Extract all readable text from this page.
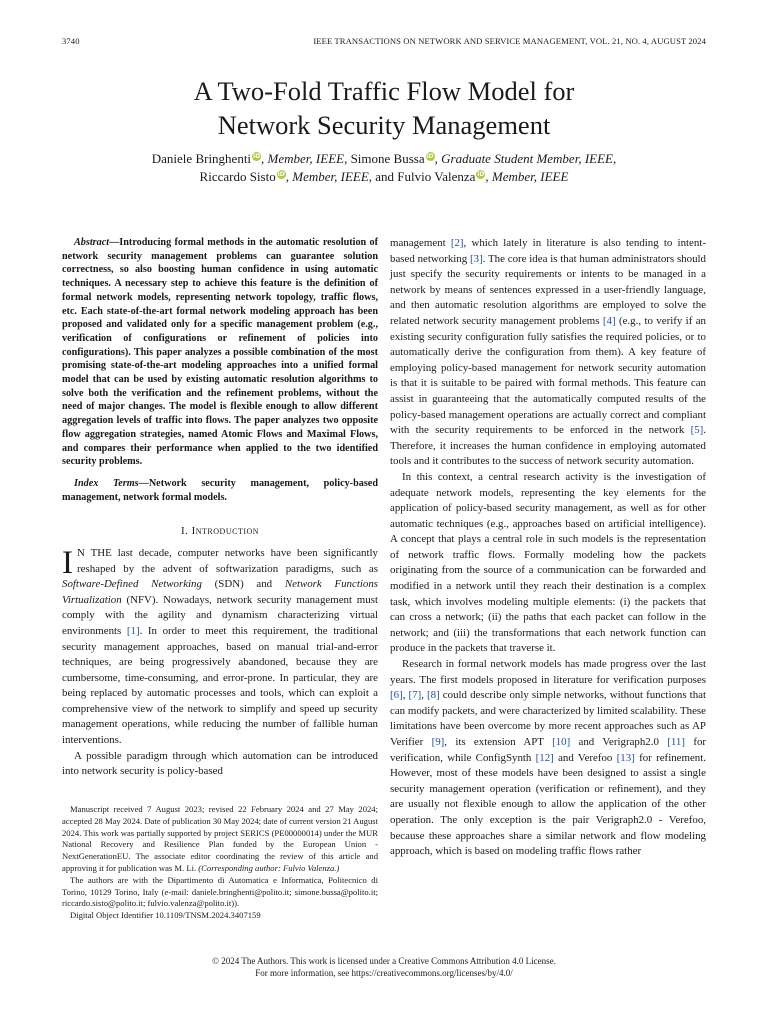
3740	IEEE TRANSACTIONS ON NETWORK AND SERVICE MANAGEMENT, VOL. 21, NO. 4, AUGUST 2024
A Two-Fold Traffic Flow Model for
Network Security Management
Daniele Bringhenti iD, Member, IEEE, Simone Bussa iD, Graduate Student Member, IEEE,
Riccardo Sisto iD, Member, IEEE, and Fulvio Valenza iD, Member, IEEE

Abstract—Introducing formal methods in the automatic resolution of network security management problems can guarantee solution correctness, so also boosting human confidence in using automatic techniques. A necessary step to achieve this feature is the definition of formal network models, representing network topology, traffic flows, etc. Each state-of-the-art formal network modeling approach has been proposed and validated only for a specific management problem (e.g., verification of configurations or refinement of policies into configurations). This paper analyzes a possible combination of the most promising state-of-the-art modeling approaches into a unified formal model that can be used by existing automatic resolution algorithms to solve both the verification and the refinement problems, without the need of major changes. The model is flexible enough to allow different aggregation levels of traffic into flows. The paper analyzes two opposite flow aggregation strategies, named Atomic Flows and Maximal Flows, and compares their performance when applied to the two identified security problems.

Index Terms—Network security management, policy-based management, network formal models.

I. Introduction

I N THE last decade, computer networks have been significantly reshaped by the advent of softwarization paradigms, such as Software-Defined Networking (SDN) and Network Functions Virtualization (NFV). Nowadays, network security management must comply with the agility and dynamism characterizing virtual environments [1]. In order to meet this requirement, the traditional security management approaches, based on manual trial-and-error techniques, are being progressively abandoned, because they are cumbersome, time-consuming, and error-prone. In particular, they are being replaced by automatic processes and tools, which can exploit a comprehensive view of the network to simplify and speed up security management operations, while reducing the number of fallible human interventions.

A possible paradigm through which automation can be introduced into network security is policy-based

Manuscript received 7 August 2023; revised 22 February 2024 and 27 May 2024; accepted 28 May 2024. Date of publication 30 May 2024; date of current version 21 August 2024. This work was partially supported by project SERICS (PE00000014) under the MUR National Recovery and Resilience Plan funded by the European Union - NextGenerationEU. The associate editor coordinating the review of this article and approving it for publication was M. Li. (Corresponding author: Fulvio Valenza.)

The authors are with the Dipartimento di Automatica e Informatica, Politecnico di Torino, 10129 Torino, Italy (e-mail: daniele.bringhenti@polito.it; simone.bussa@polito.it; riccardo.sisto@polito.it; fulvio.valenza@polito.it)).

Digital Object Identifier 10.1109/TNSM.2024.3407159

management [2], which lately in literature is also tending to intent-based networking [3]. The core idea is that human administrators should just specify the security requirements or intents to be managed in a network by means of sentences expressed in a user-friendly language, and then automatic resolution algorithms are employed to solve the related network security management problems [4] (e.g., to verify if an existing security configuration fully satisfies the required policies, or to automatically derive the configuration from them). A key feature of employing policy-based management for network security automation is that it is suitable to be paired with formal methods. This feature can assist in guaranteeing that the automatically computed results of the policy-based management operations are actually correct and compliant with the security requirements to be enforced in the network [5]. Therefore, it increases the human confidence in employing automated tools and it contributes to the success of network security automation.

In this context, a central research activity is the investigation of adequate network models, representing the key elements for the application of policy-based security management, as well as for other automatic techniques (e.g., approaches based on artificial intelligence). A concept that plays a central role in such models is the representation of network traffic flows. Formally modeling how the packets originating from the source of a communication can be forwarded and modified in a network until they reach their destination is a complex task, which involves modeling multiple elements: (i) the packets that can cross a network; (ii) the paths that each packet can follow in the network; and (iii) the transformations that each network function can produce in the packets that traverse it.

Research in formal network models has made progress over the last years. The first models proposed in literature for verification purposes [6], [7], [8] could describe only simple networks, without functions that can modify packets, and were characterized by limited scalability. These limitations have been overcome by more recent approaches such as AP Verifier [9], its extension APT [10] and Verigraph2.0 [11] for verification, while ConfigSynth [12] and Verefoo [13] for refinement. However, most of these models have been designed to assist a single security management operation (verification or refinement), and they are usually not flexible enough to allow the application of the other operation. The only exception is the pair Verigraph2.0 - Verefoo, because these approaches share a similar network and flow modeling approach, which is based on modeling traffic flows rather

© 2024 The Authors. This work is licensed under a Creative Commons Attribution 4.0 License.
For more information, see https://creativecommons.org/licenses/by/4.0/
